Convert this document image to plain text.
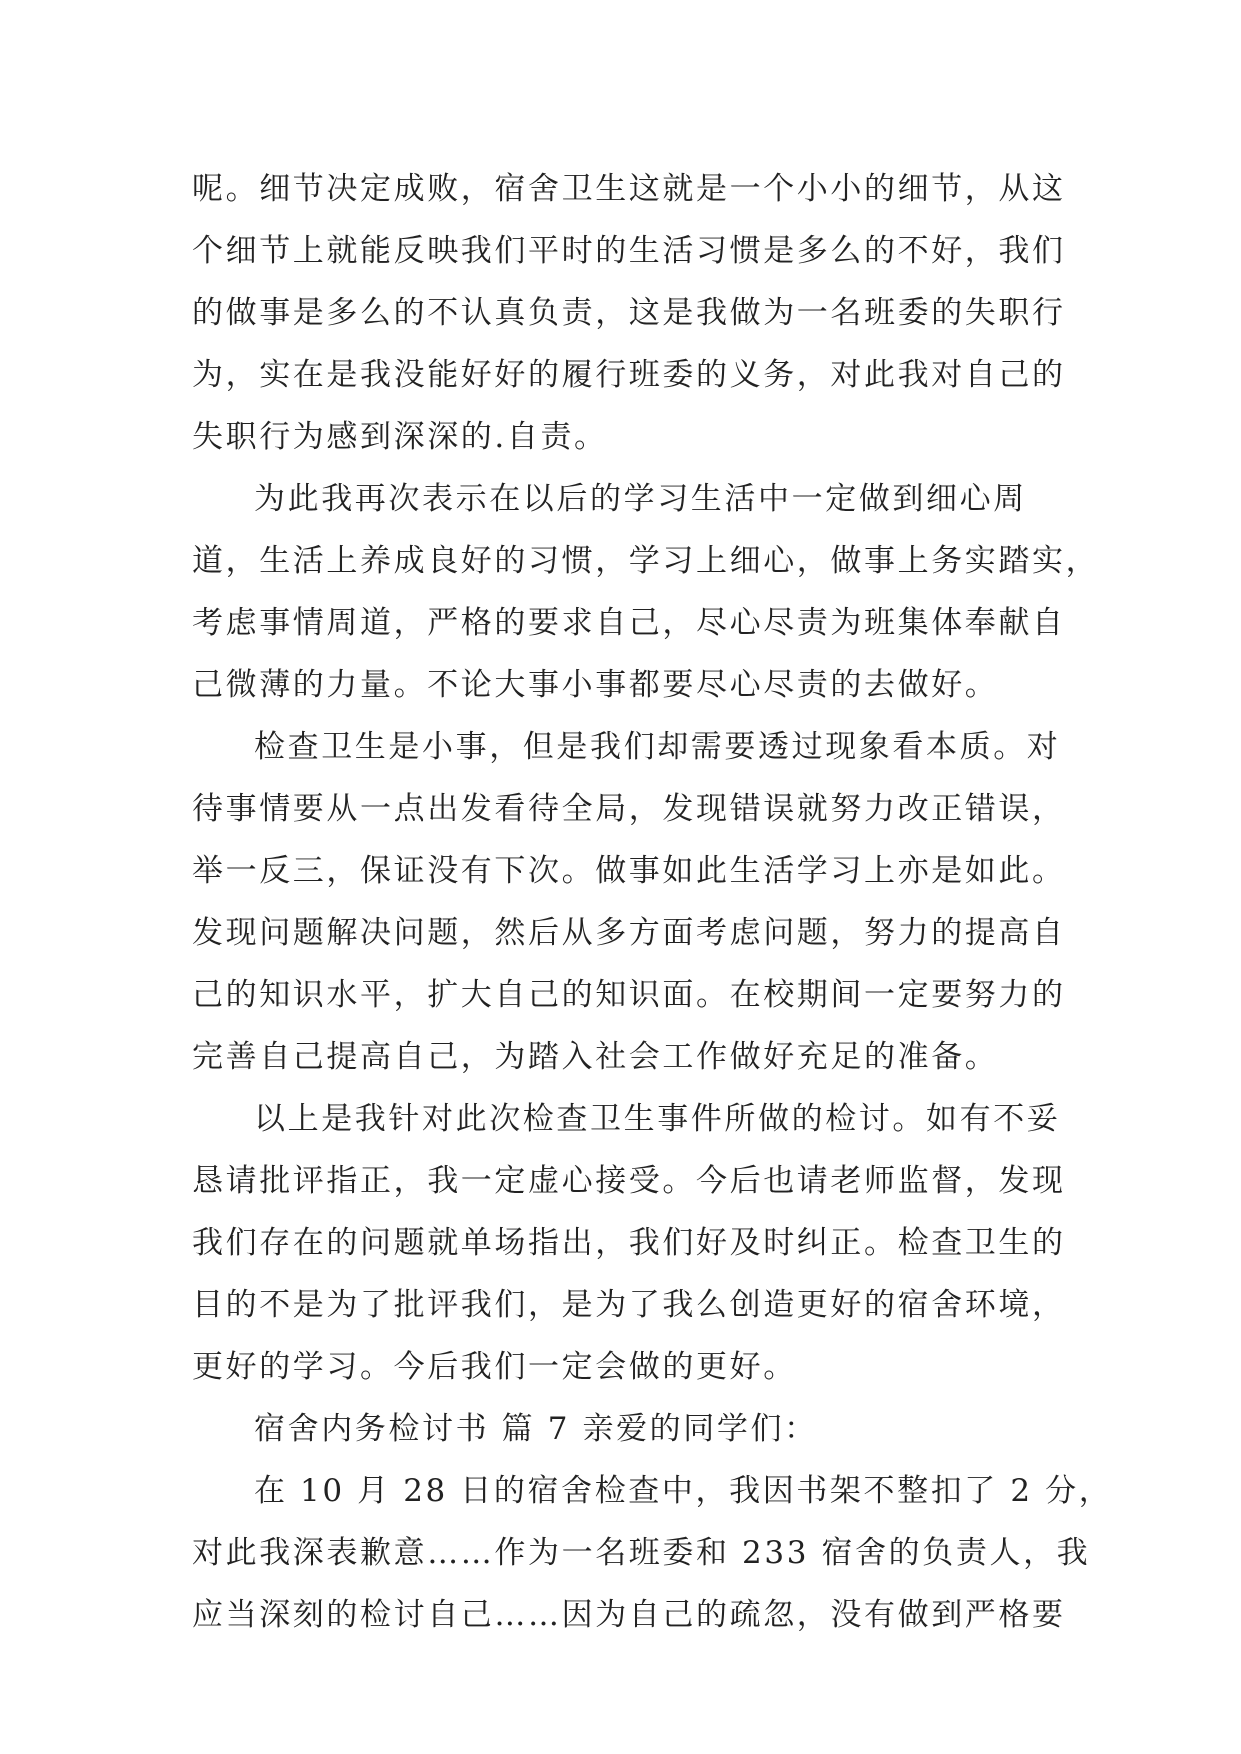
呢。细节决定成败，宿舍卫生这就是一个小小的细节，从这
个细节上就能反映我们平时的生活习惯是多么的不好，我们
的做事是多么的不认真负责，这是我做为一名班委的失职行
为，实在是我没能好好的履行班委的义务，对此我对自己的
失职行为感到深深的.自责。
为此我再次表示在以后的学习生活中一定做到细心周
道，生活上养成良好的习惯，学习上细心，做事上务实踏实，
考虑事情周道，严格的要求自己，尽心尽责为班集体奉献自
己微薄的力量。不论大事小事都要尽心尽责的去做好。
检查卫生是小事，但是我们却需要透过现象看本质。对
待事情要从一点出发看待全局，发现错误就努力改正错误，
举一反三，保证没有下次。做事如此生活学习上亦是如此。
发现问题解决问题，然后从多方面考虑问题，努力的提高自
己的知识水平，扩大自己的知识面。在校期间一定要努力的
完善自己提高自己，为踏入社会工作做好充足的准备。
以上是我针对此次检查卫生事件所做的检讨。如有不妥
恳请批评指正，我一定虚心接受。今后也请老师监督，发现
我们存在的问题就单场指出，我们好及时纠正。检查卫生的
目的不是为了批评我们，是为了我么创造更好的宿舍环境，
更好的学习。今后我们一定会做的更好。
宿舍内务检讨书 篇 7 亲爱的同学们：
在 10 月 28 日的宿舍检查中，我因书架不整扣了 2 分，
对此我深表歉意……作为一名班委和 233 宿舍的负责人，我
应当深刻的检讨自己……因为自己的疏忽，没有做到严格要
